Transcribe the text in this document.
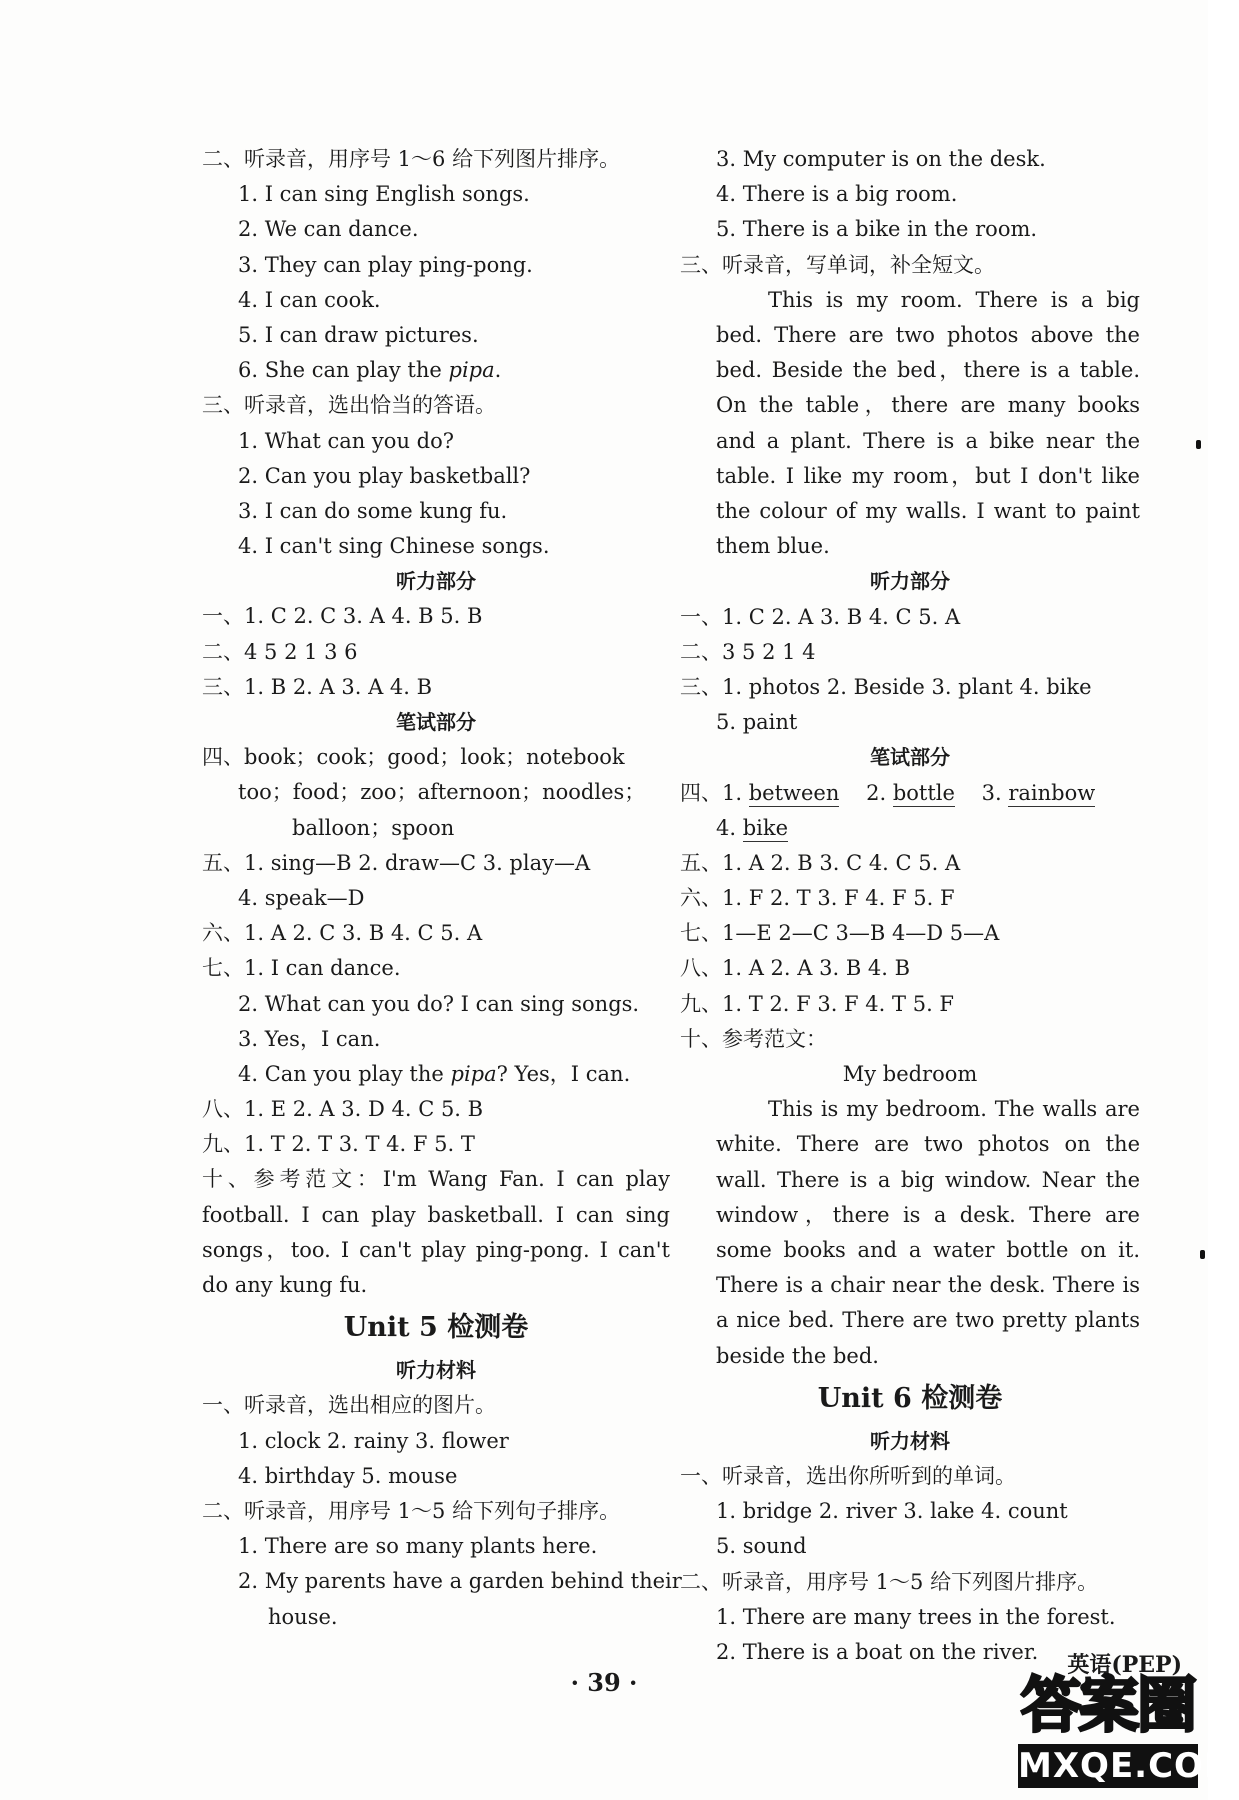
二、听录音，用序号 1～6 给下列图片排序。
1. I can sing English songs.
2. We can dance.
3. They can play ping-pong.
4. I can cook.
5. I can draw pictures.
6. She can play the pipa.
三、听录音，选出恰当的答语。
1. What can you do?
2. Can you play basketball?
3. I can do some kung fu.
4. I can't sing Chinese songs.
听力部分
一、1. C 2. C 3. A 4. B 5. B
二、4 5 2 1 3 6
三、1. B 2. A 3. A 4. B
笔试部分
四、book；cook；good；look；notebook
too；food；zoo；afternoon；noodles；
balloon；spoon
五、1. sing—B 2. draw—C 3. play—A
4. speak—D
六、1. A 2. C 3. B 4. C 5. A
七、1. I can dance.
2. What can you do? I can sing songs.
3. Yes，I can.
4. Can you play the pipa? Yes，I can.
八、1. E 2. A 3. D 4. C 5. B
九、1. T 2. T 3. T 4. F 5. T

十、参考范文：I'm Wang Fan. I can play football. I can play basketball. I can sing songs，too. I can't play ping-pong. I can't do any kung fu.

Unit 5 检测卷
听力材料
一、听录音，选出相应的图片。
1. clock 2. rainy 3. flower
4. birthday 5. mouse
二、听录音，用序号 1～5 给下列句子排序。
1. There are so many plants here.
2. My parents have a garden behind their
house.
3. My computer is on the desk.
4. There is a big room.
5. There is a bike in the room.
三、听录音，写单词，补全短文。

This is my room. There is a big bed. There are two photos above the bed. Beside the bed，there is a table. On the table，there are many books and a plant. There is a bike near the table. I like my room，but I don't like the colour of my walls. I want to paint them blue.

听力部分
一、1. C 2. A 3. B 4. C 5. A
二、3 5 2 1 4
三、1. photos 2. Beside 3. plant 4. bike
5. paint
笔试部分
四、1. between    2. bottle    3. rainbow
4. bike
五、1. A 2. B 3. C 4. C 5. A
六、1. F 2. T 3. F 4. F 5. F
七、1—E 2—C 3—B 4—D 5—A
八、1. A 2. A 3. B 4. B
九、1. T 2. F 3. F 4. T 5. F
十、参考范文：
My bedroom

This is my bedroom. The walls are white. There are two photos on the wall. There is a big window. Near the window，there is a desk. There are some books and a water bottle on it. There is a chair near the desk. There is a nice bed. There are two pretty plants beside the bed.

Unit 6 检测卷
听力材料
一、听录音，选出你所听到的单词。
1. bridge 2. river 3. lake 4. count
5. sound
二、听录音，用序号 1～5 给下列图片排序。
1. There are many trees in the forest.
2. There is a boat on the river.
· 39 ·
英语(PEP)
答案圈
MXQE.COM
